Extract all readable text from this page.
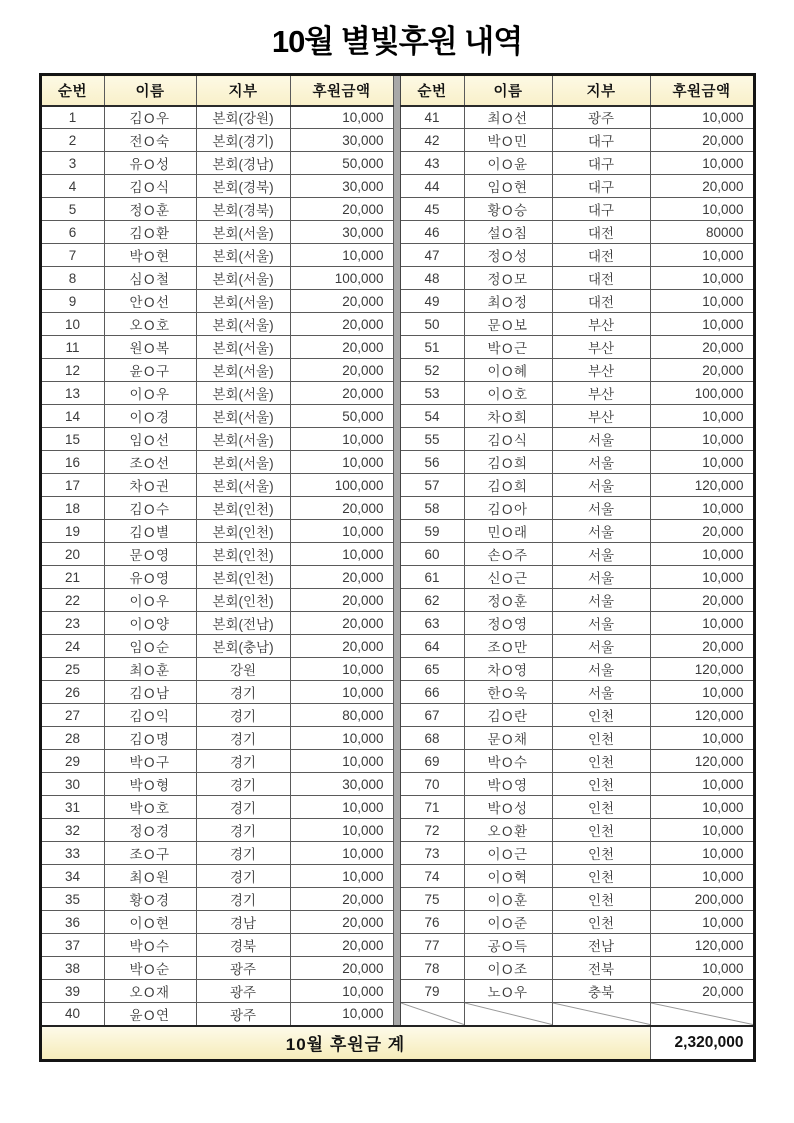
10월 별빛후원 내역
순번	이름	지부	후원금액		순번	이름	지부	후원금액
1	김O우	본회(강원)	10,000		41	최O선	광주	10,000
2	전O숙	본회(경기)	30,000		42	박O민	대구	20,000
3	유O성	본회(경남)	50,000		43	이O윤	대구	10,000
4	김O식	본회(경북)	30,000		44	임O현	대구	20,000
5	정O훈	본회(경북)	20,000		45	황O승	대구	10,000
6	김O환	본회(서울)	30,000		46	설O침	대전	80000
7	박O현	본회(서울)	10,000		47	정O성	대전	10,000
8	심O철	본회(서울)	100,000		48	정O모	대전	10,000
9	안O선	본회(서울)	20,000		49	최O정	대전	10,000
10	오O호	본회(서울)	20,000		50	문O보	부산	10,000
11	원O복	본회(서울)	20,000		51	박O근	부산	20,000
12	윤O구	본회(서울)	20,000		52	이O혜	부산	20,000
13	이O우	본회(서울)	20,000		53	이O호	부산	100,000
14	이O경	본회(서울)	50,000		54	차O희	부산	10,000
15	임O선	본회(서울)	10,000		55	김O식	서울	10,000
16	조O선	본회(서울)	10,000		56	김O희	서울	10,000
17	차O권	본회(서울)	100,000		57	김O희	서울	120,000
18	김O수	본회(인천)	20,000		58	김O아	서울	10,000
19	김O별	본회(인천)	10,000		59	민O래	서울	20,000
20	문O영	본회(인천)	10,000		60	손O주	서울	10,000
21	유O영	본회(인천)	20,000		61	신O근	서울	10,000
22	이O우	본회(인천)	20,000		62	정O훈	서울	20,000
23	이O양	본회(전남)	20,000		63	정O영	서울	10,000
24	임O순	본회(충남)	20,000		64	조O만	서울	20,000
25	최O훈	강원	10,000		65	차O영	서울	120,000
26	김O남	경기	10,000		66	한O욱	서울	10,000
27	김O익	경기	80,000		67	김O란	인천	120,000
28	김O명	경기	10,000		68	문O채	인천	10,000
29	박O구	경기	10,000		69	박O수	인천	120,000
30	박O형	경기	30,000		70	박O영	인천	10,000
31	박O호	경기	10,000		71	박O성	인천	10,000
32	정O경	경기	10,000		72	오O환	인천	10,000
33	조O구	경기	10,000		73	이O근	인천	10,000
34	최O원	경기	10,000		74	이O혁	인천	10,000
35	황O경	경기	20,000		75	이O훈	인천	200,000
36	이O현	경남	20,000		76	이O준	인천	10,000
37	박O수	경북	20,000		77	공O득	전남	120,000
38	박O순	광주	20,000		78	이O조	전북	10,000
39	오O재	광주	10,000		79	노O우	충북	20,000
40	윤O연	광주	10,000		

10월 후원금 계								2,320,000
